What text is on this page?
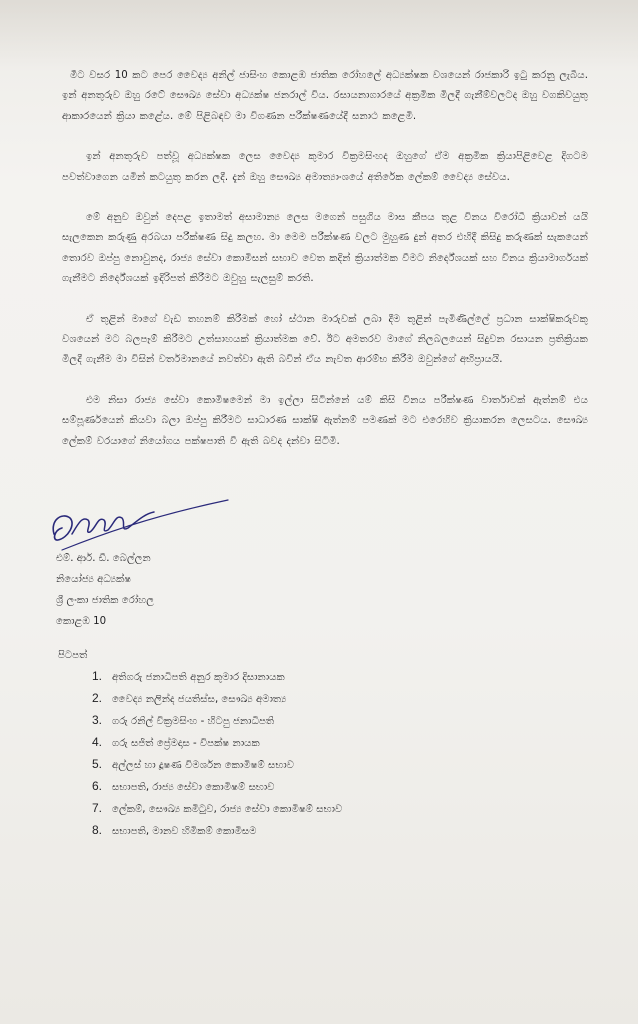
මීට වසර 10 කට පෙර වෛද්‍ය අනිල් ජාසිංහ කොළඹ ජාතික රෝහලේ අධ්‍යක්ෂක වශයෙන් රාජකාරි ඉටු කරනු ලැබීය. ඉන් අනතුරුව ඔහු රටේ සෞඛ්‍ය සේවා අධ්‍යක්ෂ ජනරාල් විය. රසායනාගාරයේ අක්‍රමික මිලදී ගැනීම්වලටද ඔහු වගකිවයුතු ආකාරයෙන් ක්‍රියා කළේය. මේ පිළිබඳව මා විගණන පරීක්ෂණයේදී සනාථ කළෙමි.

ඉන් අනතුරුව පත්වූ අධ්‍යක්ෂක ලෙස වෛද්‍ය කුමාර වික්‍රමසිංහද ඔහුගේ ඒම අක්‍රමික ක්‍රියාපිළිවෙළ දිගටම පවත්වාගෙන යමින් කටයුතු කරන ලදී. දැන් ඔහු සෞඛ්‍ය අමාත්‍යාංශයේ අතිරේක ලේකම් වෛද්‍ය සේවය.

මේ අනුව ඔවුන් දෙපළ ඉතාමත් අසාමාන්‍ය ලෙස මගෙන් පසුගිය මාස කීපය තුළ විනය විරෝධී ක්‍රියාවන් යයි සැලකෙන කරුණු අරබයා පරීක්ෂණ සිදු කලහ. මා මෙම පරීක්ෂණ වලට මුහුණ දුන් අතර එහිදී කිසිදු කරුණක් සැකයෙන් තොරව ඔප්පු නොවුනද, රාජ්‍ය සේවා කොමිසන් සභාව වෙත කදින් ක්‍රියාත්මක වීමට නිර්දේශයක් සහ විනය ක්‍රියාමාර්ගයක් ගැනීමට නිර්දේශයක් ඉදිරිපත් කිරීමට ඔවුහු සැලසුම් කරති.

ඒ තුළින් මාගේ වැඩ තහනම් කිරීමක් හෝ ස්ථාන මාරුවක් ලබා දීම තුළින් පැමිණිල්ලේ ප්‍රධාන සාක්ෂිකරුවකු වශයෙන් මට බලපෑම් කිරීමට උත්සාහයක් ක්‍රියාත්මක වේ. ඊට අමතරව මාගේ නිලබලයෙන් සිදුවන රසායන ප්‍රතික්‍රියක මිලදී ගැනීම මා විසින් වර්තමානයේ නවත්වා ඇති බවින් ඒය නැවත ආරම්භ කිරීම ඔවුන්ගේ අභිප්‍රායයි.

එම නිසා රාජ්‍ය සේවා කොමිෂමෙන් මා ඉල්ලා සිටින්නේ යම් කිසි විනය පරීක්ෂණ වාර්තාවක් ඇත්නම් එය සම්පූර්ණයෙන් කියවා බලා ඔප්පු කිරීමට සාධාරණ සාක්ෂි ඇත්නම් පමණක් මට එරෙහිව ක්‍රියාකරන ලෙසටය. සෞඛ්‍ය ලේකම් වරයාගේ නියෝගය පක්ෂපාති වී ඇති බවද දන්වා සිටිමි.

එම්. ආර්. ඩී. බෙල්ලන
නියෝජ්‍ය අධ්‍යක්ෂ
ශ්‍රී ලංකා ජාතික රෝහල
කොළඹ 10
පිටපත්
1. අතිගරු ජනාධිපති අනුර කුමාර දිසානායක
2. වෛද්‍ය නලින්ද ජයතිස්ස, සෞඛ්‍ය අමාත්‍ය
3. ගරු රනිල් වික්‍රමසිංහ - හිටපු ජනාධිපති
4. ගරු සජිත් ප්‍රේමදාස - විපක්ෂ නායක
5. අල්ලස් හා දූෂණ විමර්ශන කොමිෂම් සභාව
6. සභාපති, රාජ්‍ය සේවා කොමිෂම් සභාව
7. ලේකම්, සෞඛ්‍ය කමිටුව, රාජ්‍ය සේවා කොමිෂම් සභාව
8. සභාපති, මානව හිමිකම් කොමිසම
